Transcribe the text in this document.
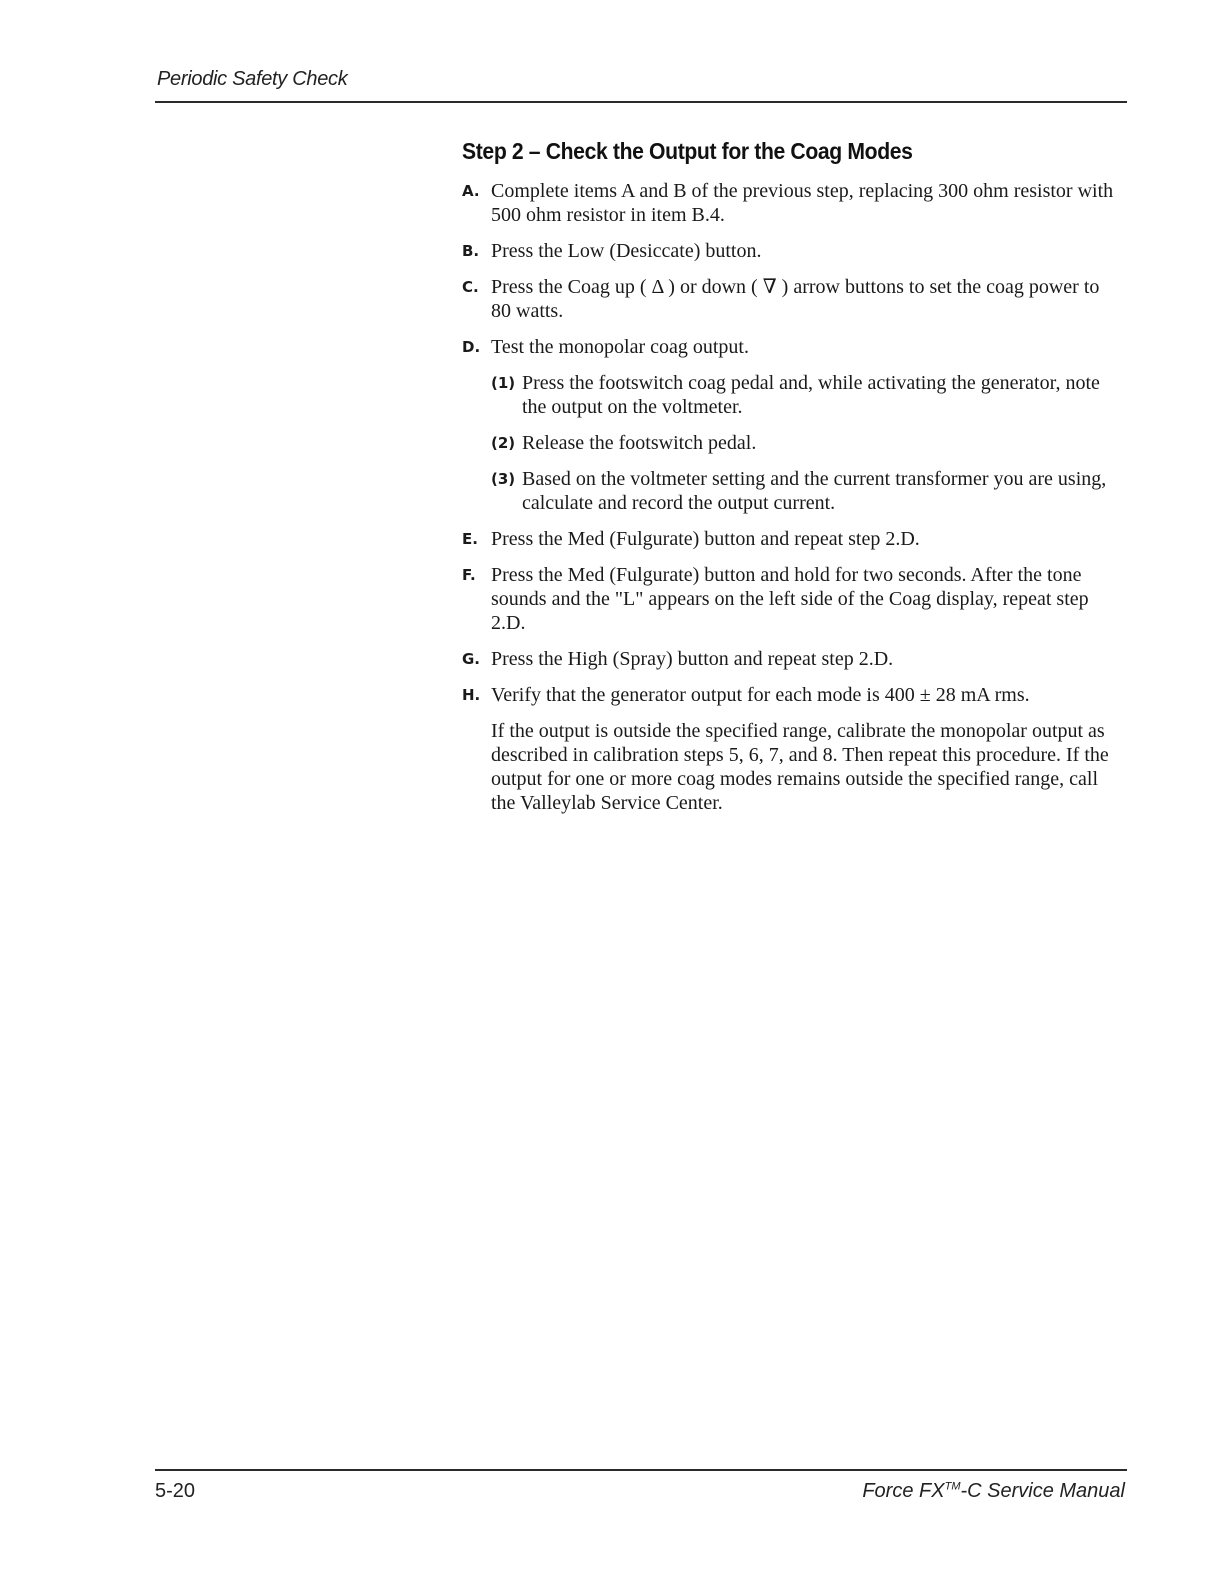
Periodic Safety Check
Step 2 – Check the Output for the Coag Modes
A. Complete items A and B of the previous step, replacing 300 ohm resistor with 500 ohm resistor in item B.4.
B. Press the Low (Desiccate) button.
C. Press the Coag up ( Δ ) or down ( ∇ ) arrow buttons to set the coag power to 80 watts.
D. Test the monopolar coag output.
(1) Press the footswitch coag pedal and, while activating the generator, note the output on the voltmeter.
(2) Release the footswitch pedal.
(3) Based on the voltmeter setting and the current transformer you are using, calculate and record the output current.
E. Press the Med (Fulgurate) button and repeat step 2.D.
F. Press the Med (Fulgurate) button and hold for two seconds. After the tone sounds and the "L" appears on the left side of the Coag display, repeat step 2.D.
G. Press the High (Spray) button and repeat step 2.D.
H. Verify that the generator output for each mode is 400 ± 28 mA rms.
If the output is outside the specified range, calibrate the monopolar output as described in calibration steps 5, 6, 7, and 8. Then repeat this procedure. If the output for one or more coag modes remains outside the specified range, call the Valleylab Service Center.
5-20	Force FX™-C Service Manual
